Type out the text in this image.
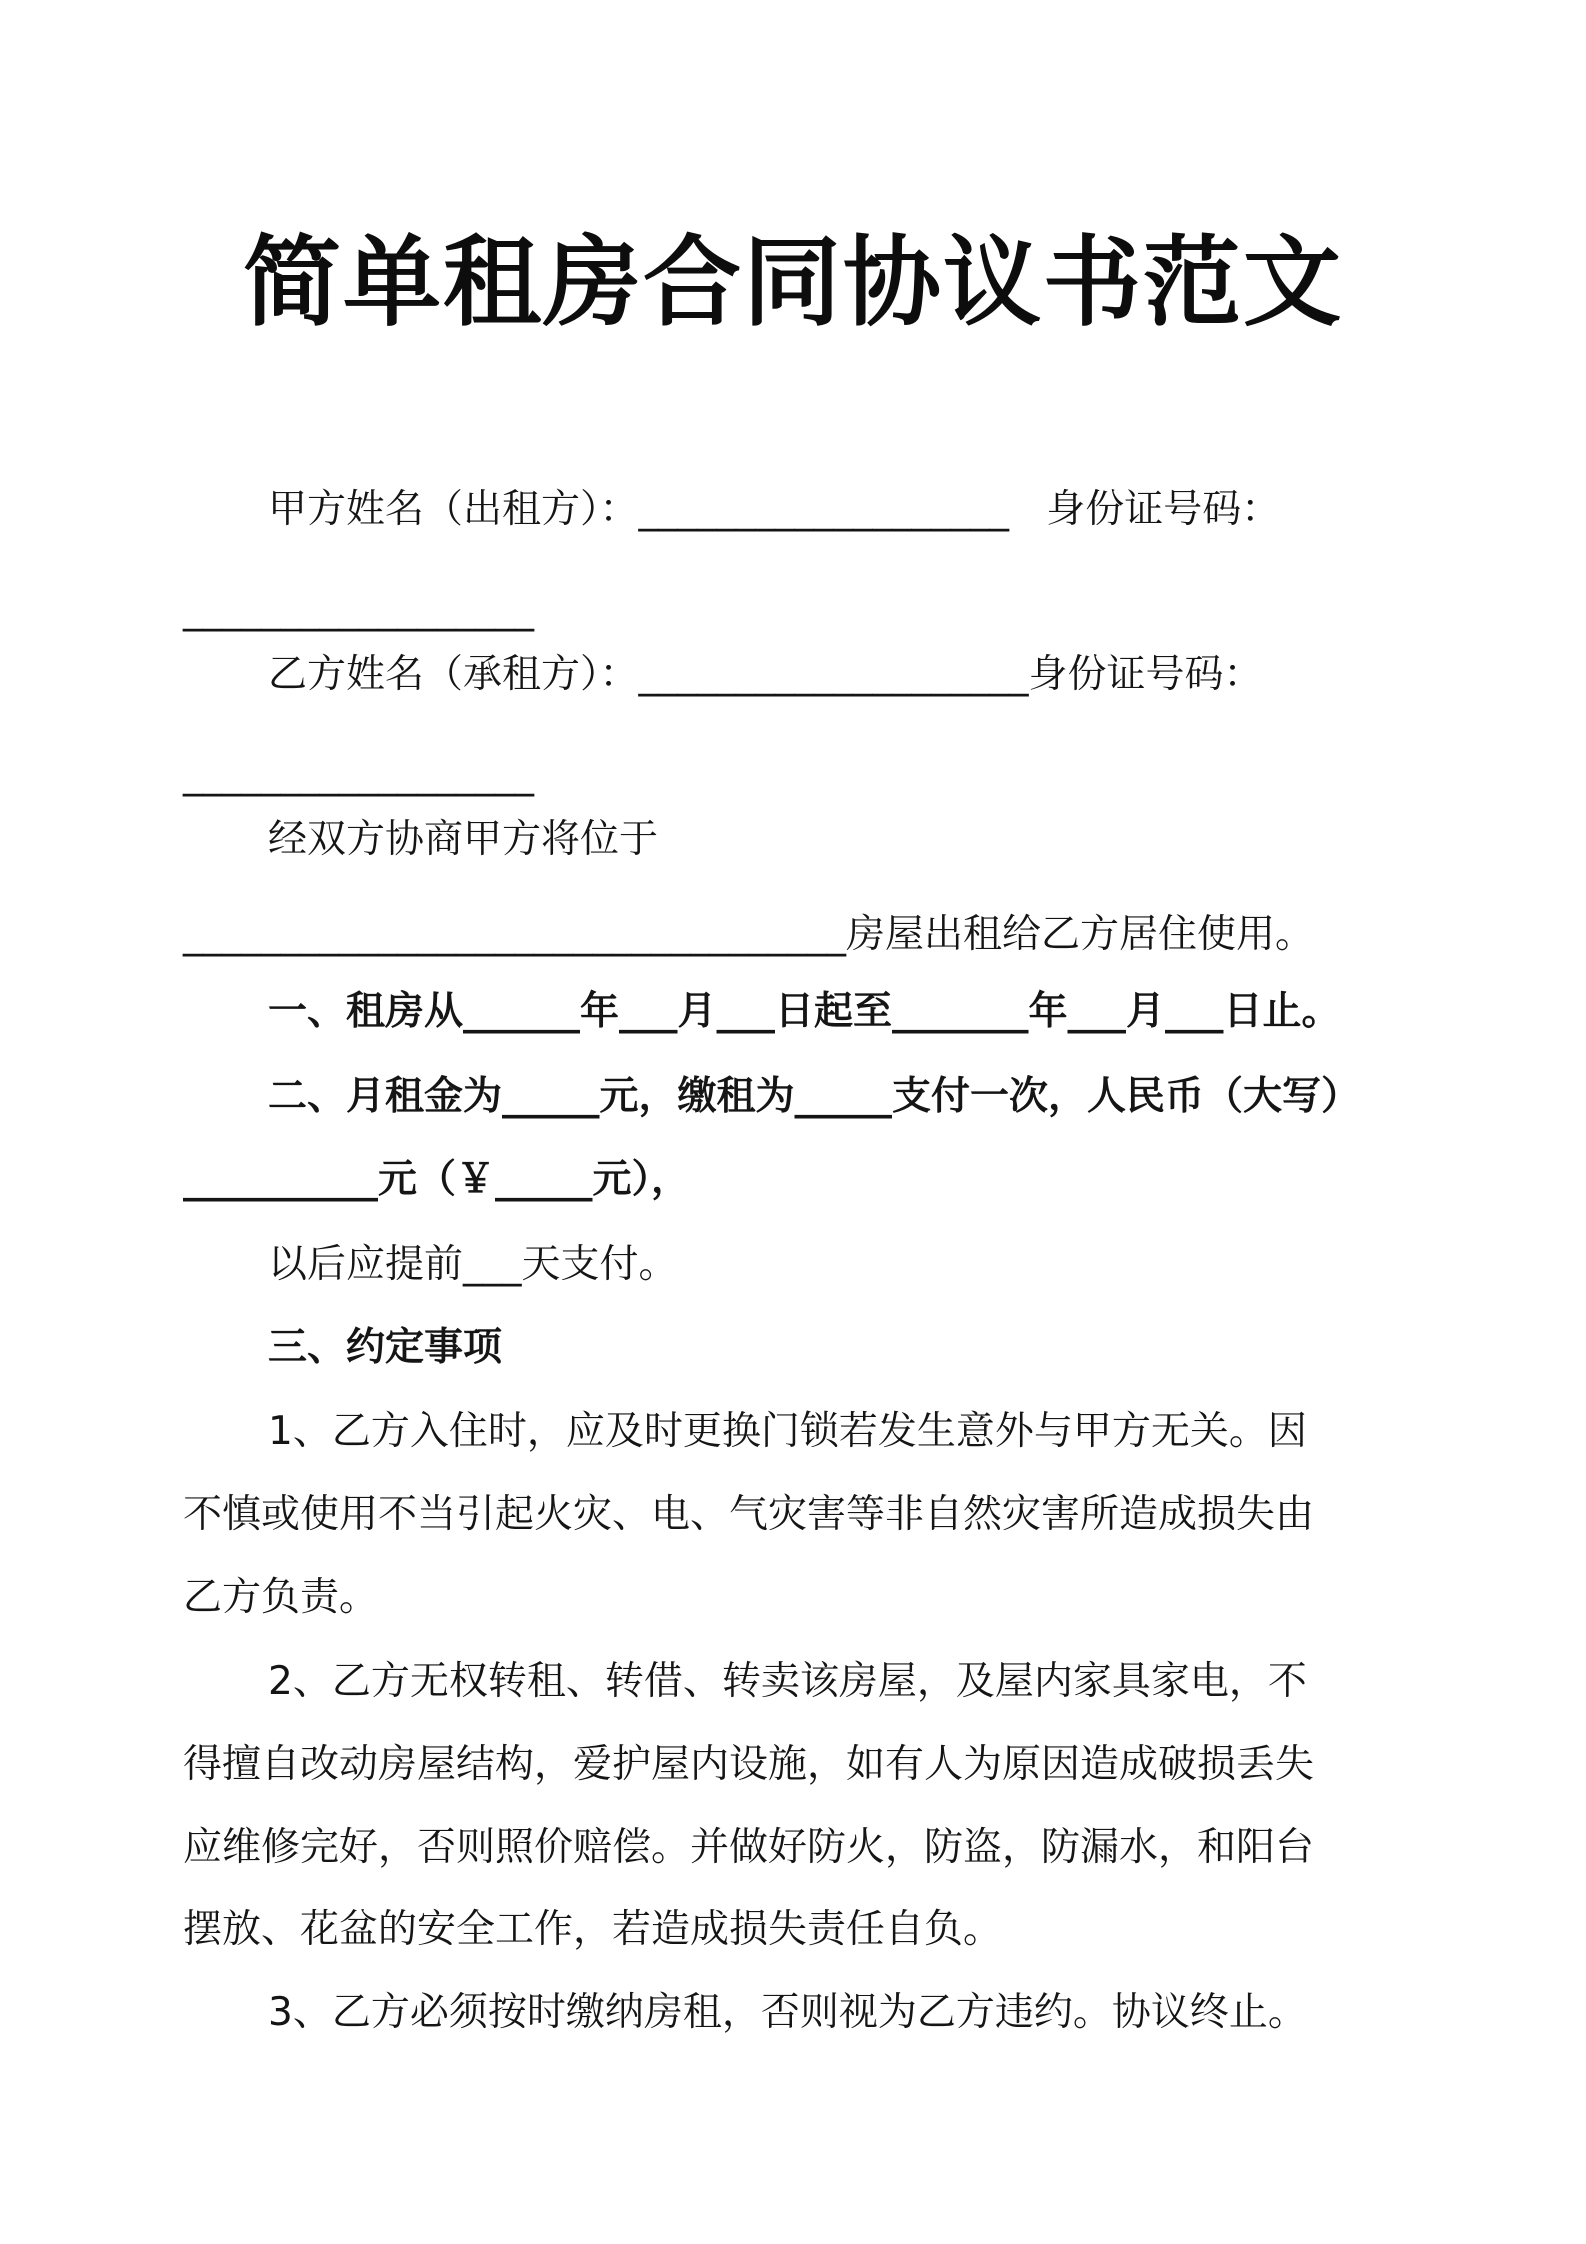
简单租房合同协议书范文
甲方姓名（出租方）：___________________   身份证号码：
__________________
乙方姓名（承租方）：____________________身份证号码：
__________________
经双方协商甲方将位于
__________________________________房屋出租给乙方居住使用。
一、租房从______年___月___日起至_______年___月___日止。
二、月租金为_____元，缴租为_____支付一次，人民币（大写）
__________元（￥_____元），
以后应提前___天支付。
三、约定事项
1、乙方入住时，应及时更换门锁若发生意外与甲方无关。因
不慎或使用不当引起火灾、电、气灾害等非自然灾害所造成损失由
乙方负责。
2、乙方无权转租、转借、转卖该房屋，及屋内家具家电，不
得擅自改动房屋结构，爱护屋内设施，如有人为原因造成破损丢失
应维修完好，否则照价赔偿。并做好防火，防盗，防漏水，和阳台
摆放、花盆的安全工作，若造成损失责任自负。
3、乙方必须按时缴纳房租，否则视为乙方违约。协议终止。
